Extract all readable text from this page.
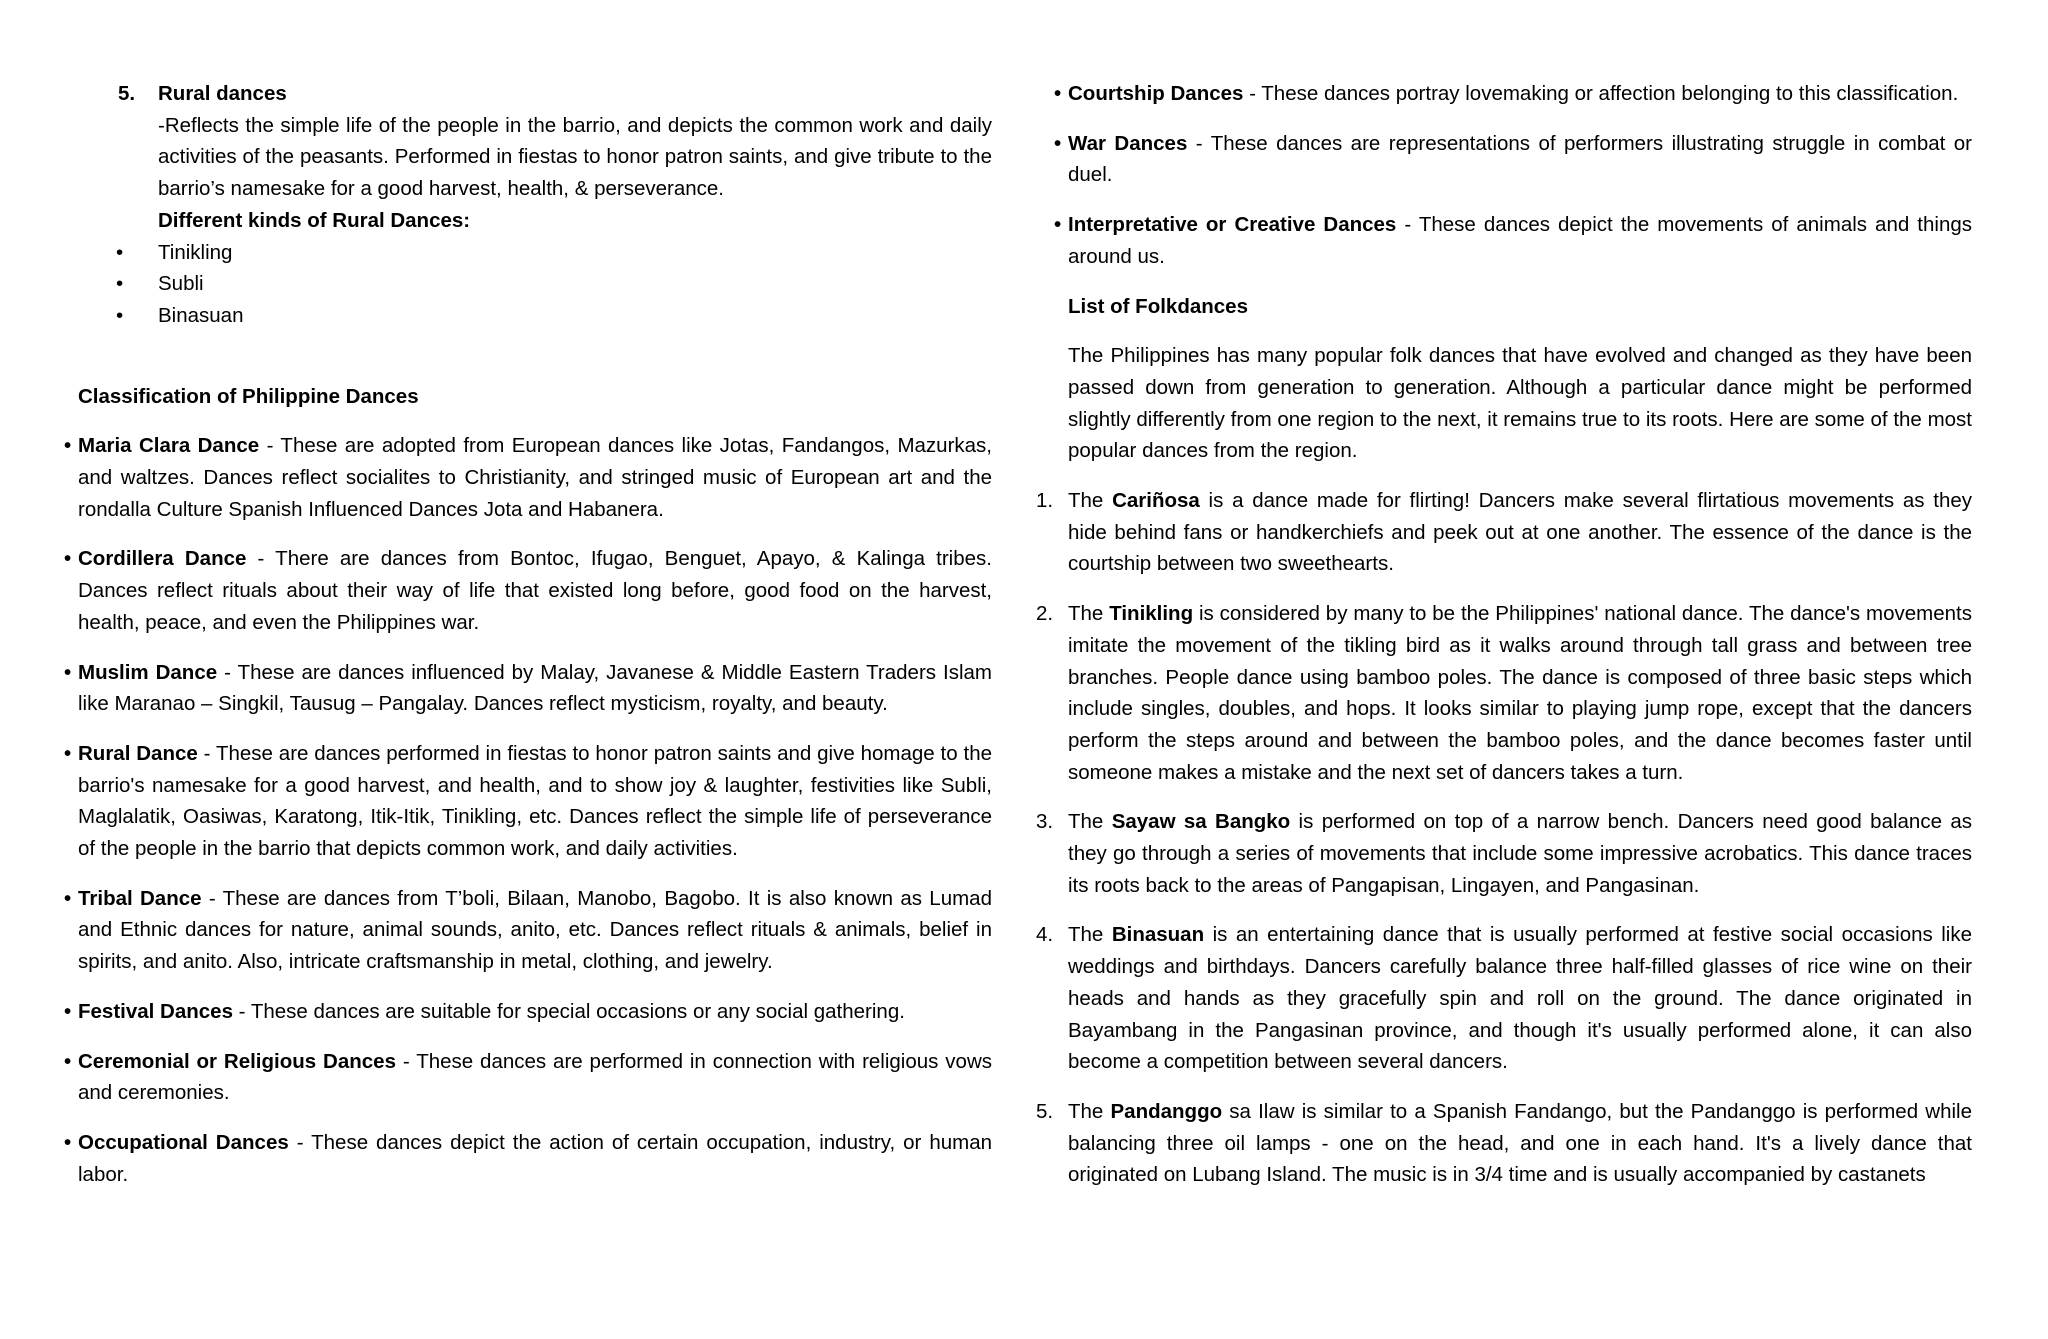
5. Rural dances

-Reflects the simple life of the people in the barrio, and depicts the common work and daily activities of the peasants. Performed in fiestas to honor patron saints, and give tribute to the barrio’s namesake for a good harvest, health, & perseverance.

Different kinds of Rural Dances:

• Tinikling
• Subli
• Binasuan

Classification of Philippine Dances

• Maria Clara Dance - These are adopted from European dances like Jotas, Fandangos, Mazurkas, and waltzes. Dances reflect socialites to Christianity, and stringed music of European art and the rondalla Culture Spanish Influenced Dances Jota and Habanera.
• Cordillera Dance - There are dances from Bontoc, Ifugao, Benguet, Apayo, & Kalinga tribes. Dances reflect rituals about their way of life that existed long before, good food on the harvest, health, peace, and even the Philippines war.
• Muslim Dance - These are dances influenced by Malay, Javanese & Middle Eastern Traders Islam like Maranao – Singkil, Tausug – Pangalay. Dances reflect mysticism, royalty, and beauty.
• Rural Dance - These are dances performed in fiestas to honor patron saints and give homage to the barrio's namesake for a good harvest, and health, and to show joy & laughter, festivities like Subli, Maglalatik, Oasiwas, Karatong, Itik-Itik, Tinikling, etc. Dances reflect the simple life of perseverance of the people in the barrio that depicts common work, and daily activities.
• Tribal Dance - These are dances from T’boli, Bilaan, Manobo, Bagobo. It is also known as Lumad and Ethnic dances for nature, animal sounds, anito, etc. Dances reflect rituals & animals, belief in spirits, and anito. Also, intricate craftsmanship in metal, clothing, and jewelry.
• Festival Dances - These dances are suitable for special occasions or any social gathering.
• Ceremonial or Religious Dances - These dances are performed in connection with religious vows and ceremonies.
• Occupational Dances - These dances depict the action of certain occupation, industry, or human labor.
• Courtship Dances - These dances portray lovemaking or affection belonging to this classification.
• War Dances - These dances are representations of performers illustrating struggle in combat or duel.
• Interpretative or Creative Dances - These dances depict the movements of animals and things around us.

List of Folkdances

The Philippines has many popular folk dances that have evolved and changed as they have been passed down from generation to generation. Although a particular dance might be performed slightly differently from one region to the next, it remains true to its roots. Here are some of the most popular dances from the region.

1. The Cariñosa is a dance made for flirting! Dancers make several flirtatious movements as they hide behind fans or handkerchiefs and peek out at one another. The essence of the dance is the courtship between two sweethearts.
2. The Tinikling is considered by many to be the Philippines' national dance. The dance's movements imitate the movement of the tikling bird as it walks around through tall grass and between tree branches. People dance using bamboo poles. The dance is composed of three basic steps which include singles, doubles, and hops. It looks similar to playing jump rope, except that the dancers perform the steps around and between the bamboo poles, and the dance becomes faster until someone makes a mistake and the next set of dancers takes a turn.
3. The Sayaw sa Bangko is performed on top of a narrow bench. Dancers need good balance as they go through a series of movements that include some impressive acrobatics. This dance traces its roots back to the areas of Pangapisan, Lingayen, and Pangasinan.
4. The Binasuan is an entertaining dance that is usually performed at festive social occasions like weddings and birthdays. Dancers carefully balance three half-filled glasses of rice wine on their heads and hands as they gracefully spin and roll on the ground. The dance originated in Bayambang in the Pangasinan province, and though it's usually performed alone, it can also become a competition between several dancers.
5. The Pandanggo sa Ilaw is similar to a Spanish Fandango, but the Pandanggo is performed while balancing three oil lamps - one on the head, and one in each hand. It's a lively dance that originated on Lubang Island. The music is in 3/4 time and is usually accompanied by castanets
